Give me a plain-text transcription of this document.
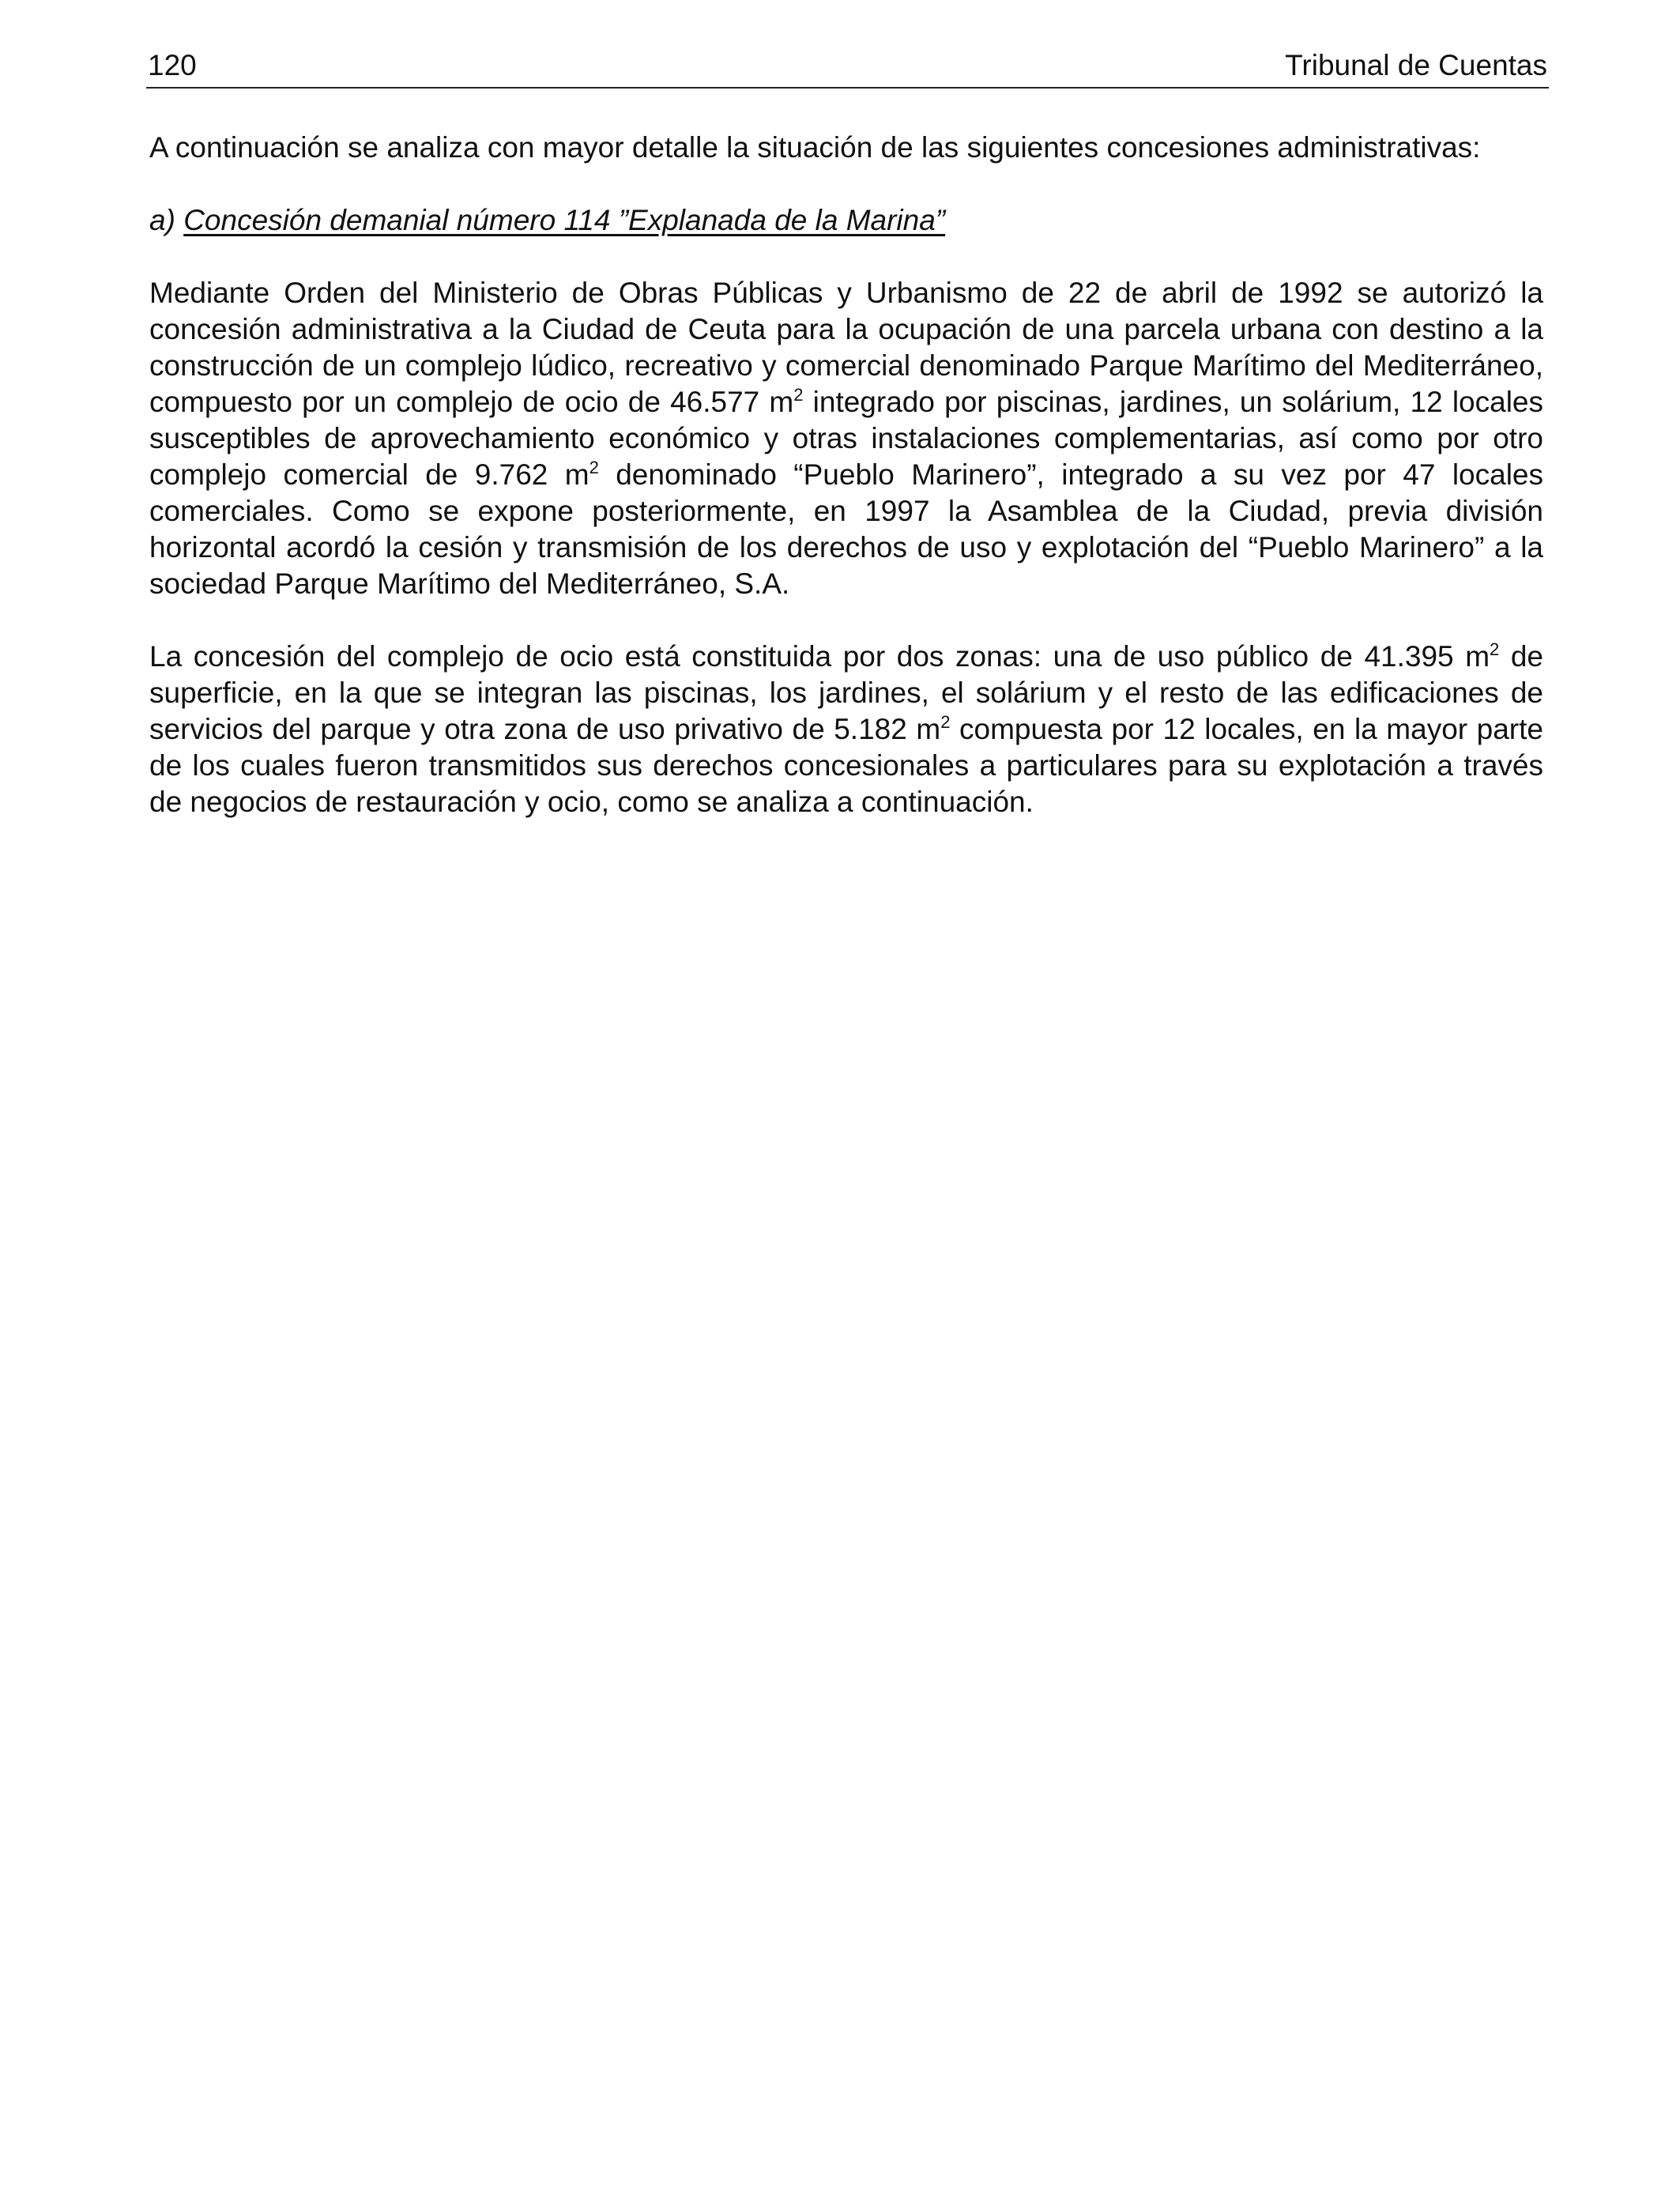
120	Tribunal de Cuentas

A continuación se analiza con mayor detalle la situación de las siguientes concesiones administrativas:

a) Concesión demanial número 114 ”Explanada de la Marina”

Mediante Orden del Ministerio de Obras Públicas y Urbanismo de 22 de abril de 1992 se autorizó la concesión administrativa a la Ciudad de Ceuta para la ocupación de una parcela urbana con destino a la construcción de un complejo lúdico, recreativo y comercial denominado Parque Marítimo del Mediterráneo, compuesto por un complejo de ocio de 46.577 $m^2$ integrado por piscinas, jardines, un solárium, 12 locales susceptibles de aprovechamiento económico y otras instalaciones complementarias, así como por otro complejo comercial de 9.762 $m^2$ denominado “Pueblo Marinero”, integrado a su vez por 47 locales comerciales. Como se expone posteriormente, en 1997 la Asamblea de la Ciudad, previa división horizontal acordó la cesión y transmisión de los derechos de uso y explotación del “Pueblo Marinero” a la sociedad Parque Marítimo del Mediterráneo, S.A.

La concesión del complejo de ocio está constituida por dos zonas: una de uso público de 41.395 $m^2$ de superficie, en la que se integran las piscinas, los jardines, el solárium y el resto de las edificaciones de servicios del parque y otra zona de uso privativo de 5.182 $m^2$ compuesta por 12 locales, en la mayor parte de los cuales fueron transmitidos sus derechos concesionales a particulares para su explotación a través de negocios de restauración y ocio, como se analiza a continuación.
